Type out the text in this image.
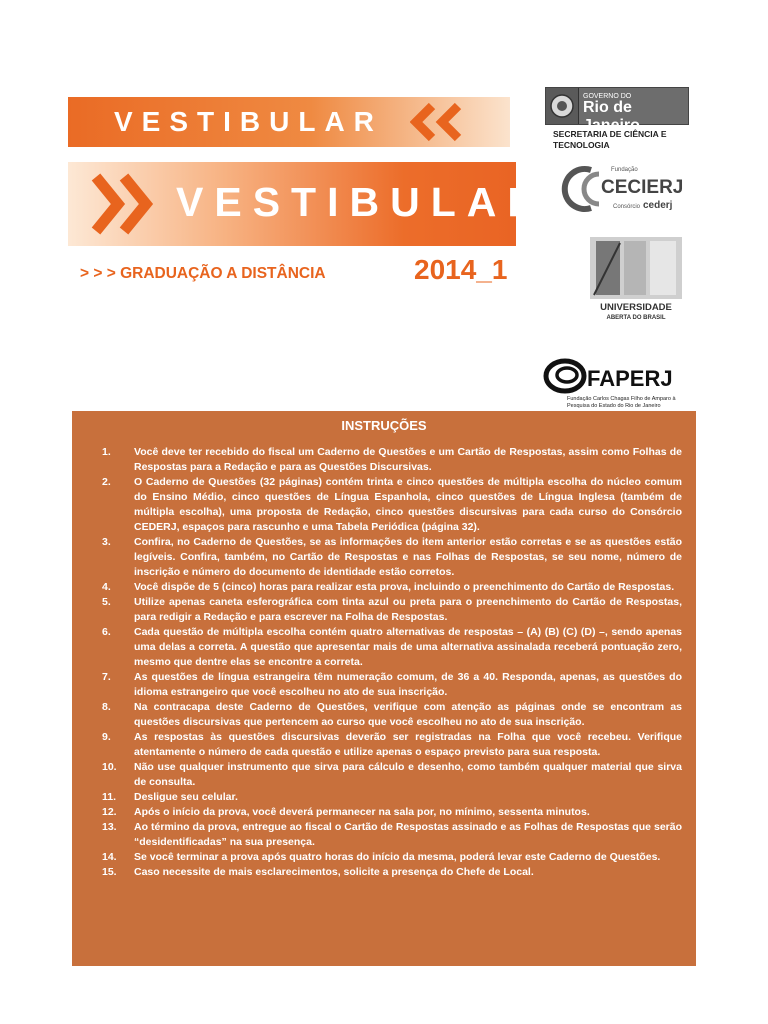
VESTIBULAR
VESTIBULAR
> > > GRADUAÇÃO A DISTÂNCIA	2014_1
GOVERNO DO
Rio de Janeiro
SECRETARIA DE CIÊNCIA E TECNOLOGIA
Fundação
CECIERJ
Consórcio cederj
UNIVERSIDADE
ABERTA DO BRASIL
FAPERJ
Fundação Carlos Chagas Filho de Amparo à Pesquisa do Estado do Rio de Janeiro
INSTRUÇÕES
1.	Você deve ter recebido do fiscal um Caderno de Questões e um Cartão de Respostas, assim como Folhas de Respostas para a Redação e para as Questões Discursivas.
2.	O Caderno de Questões (32 páginas) contém trinta e cinco questões de múltipla escolha do núcleo comum do Ensino Médio, cinco questões de Língua Espanhola, cinco questões de Língua Inglesa (também de múltipla escolha), uma proposta de Redação, cinco questões discursivas para cada curso do Consórcio CEDERJ, espaços para rascunho e uma Tabela Periódica (página 32).
3.	Confira, no Caderno de Questões, se as informações do item anterior estão corretas e se as questões estão legíveis. Confira, também, no Cartão de Respostas e nas Folhas de Respostas, se seu nome, número de inscrição e número do documento de identidade estão corretos.
4.	Você dispõe de 5 (cinco) horas para realizar esta prova, incluindo o preenchimento do Cartão de Respostas.
5.	Utilize apenas caneta esferográfica com tinta azul ou preta para o preenchimento do Cartão de Respostas, para redigir a Redação e para escrever na Folha de Respostas.
6.	Cada questão de múltipla escolha contém quatro alternativas de respostas – (A) (B) (C) (D) –, sendo apenas uma delas a correta. A questão que apresentar mais de uma alternativa assinalada receberá pontuação zero, mesmo que dentre elas se encontre a correta.
7.	As questões de língua estrangeira têm numeração comum, de 36 a 40. Responda, apenas, as questões do idioma estrangeiro que você escolheu no ato de sua inscrição.
8.	Na contracapa deste Caderno de Questões, verifique com atenção as páginas onde se encontram as questões discursivas que pertencem ao curso que você escolheu no ato de sua inscrição.
9.	As respostas às questões discursivas deverão ser registradas na Folha que você recebeu. Verifique atentamente o número de cada questão e utilize apenas o espaço previsto para sua resposta.
10.	Não use qualquer instrumento que sirva para cálculo e desenho, como também qualquer material que sirva de consulta.
11.	Desligue seu celular.
12.	Após o início da prova, você deverá permanecer na sala por, no mínimo, sessenta minutos.
13.	Ao término da prova, entregue ao fiscal o Cartão de Respostas assinado e as Folhas de Respostas que serão “desidentificadas” na sua presença.
14.	Se você terminar a prova após quatro horas do início da mesma, poderá levar este Caderno de Questões.
15.	Caso necessite de mais esclarecimentos, solicite a presença do Chefe de Local.
